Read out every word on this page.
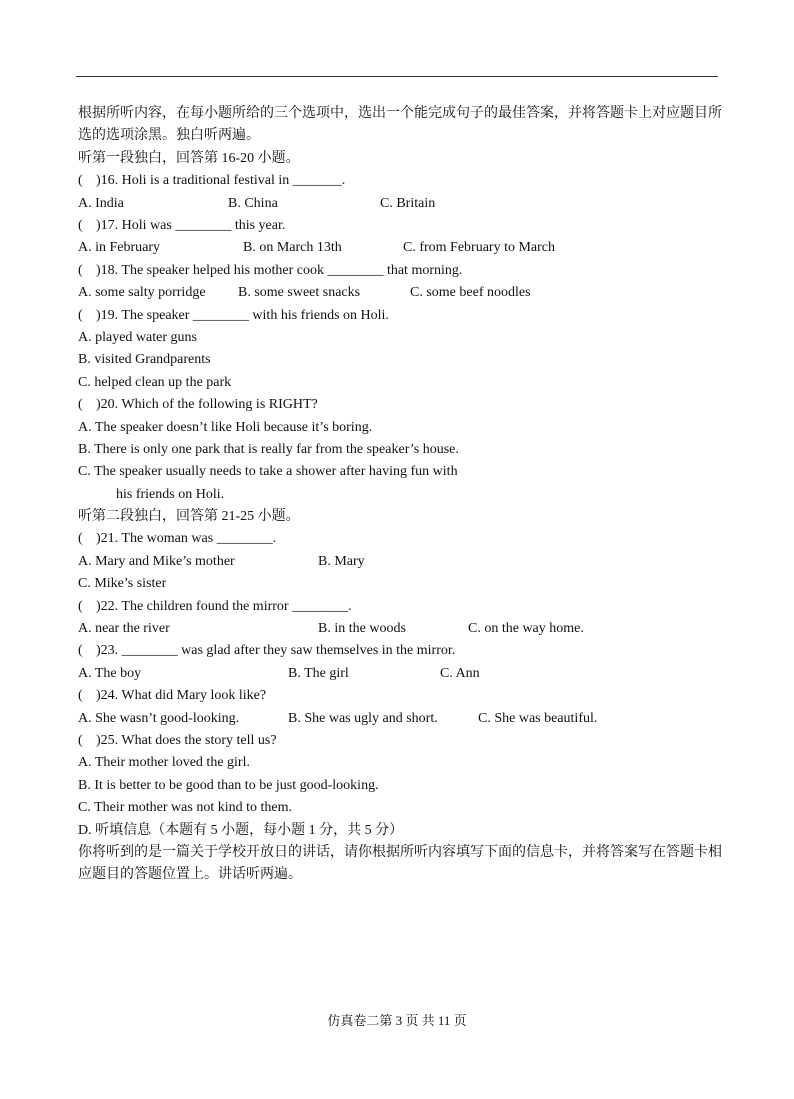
根据所听内容，在每小题所给的三个选项中，选出一个能完成句子的最佳答案，并将答题卡上对应题目所选的选项涂黑。独白听两遍。
听第一段独白，回答第 16-20 小题。
( )16. Holi is a traditional festival in _______.
A. India	B. China	C. Britain
( )17. Holi was ________ this year.
A. in February	B. on March 13th	C. from February to March
( )18. The speaker helped his mother cook ________ that morning.
A. some salty porridge	B. some sweet snacks	C. some beef noodles
( )19. The speaker ________ with his friends on Holi.
A. played water guns
B. visited Grandparents
C. helped clean up the park
( )20. Which of the following is RIGHT?
A. The speaker doesn’t like Holi because it’s boring.
B. There is only one park that is really far from the speaker’s house.
C. The speaker usually needs to take a shower after having fun with
his friends on Holi.
听第二段独白，回答第 21-25 小题。
( )21. The woman was ________.
A. Mary and Mike’s mother	B. Mary
C. Mike’s sister
( )22. The children found the mirror ________.
A. near the river	B. in the woods	C. on the way home.
( )23. ________ was glad after they saw themselves in the mirror.
A. The boy	B. The girl	C. Ann
( )24. What did Mary look like?
A. She wasn’t good-looking.	B. She was ugly and short.	C. She was beautiful.
( )25. What does the story tell us?
A. Their mother loved the girl.
B. It is better to be good than to be just good-looking.
C. Their mother was not kind to them.
D. 听填信息（本题有 5 小题，每小题 1 分，共 5 分）
你将听到的是一篇关于学校开放日的讲话，请你根据所听内容填写下面的信息卡，并将答案写在答题卡相应题目的答题位置上。讲话听两遍。
仿真卷二第 3 页 共 11 页
